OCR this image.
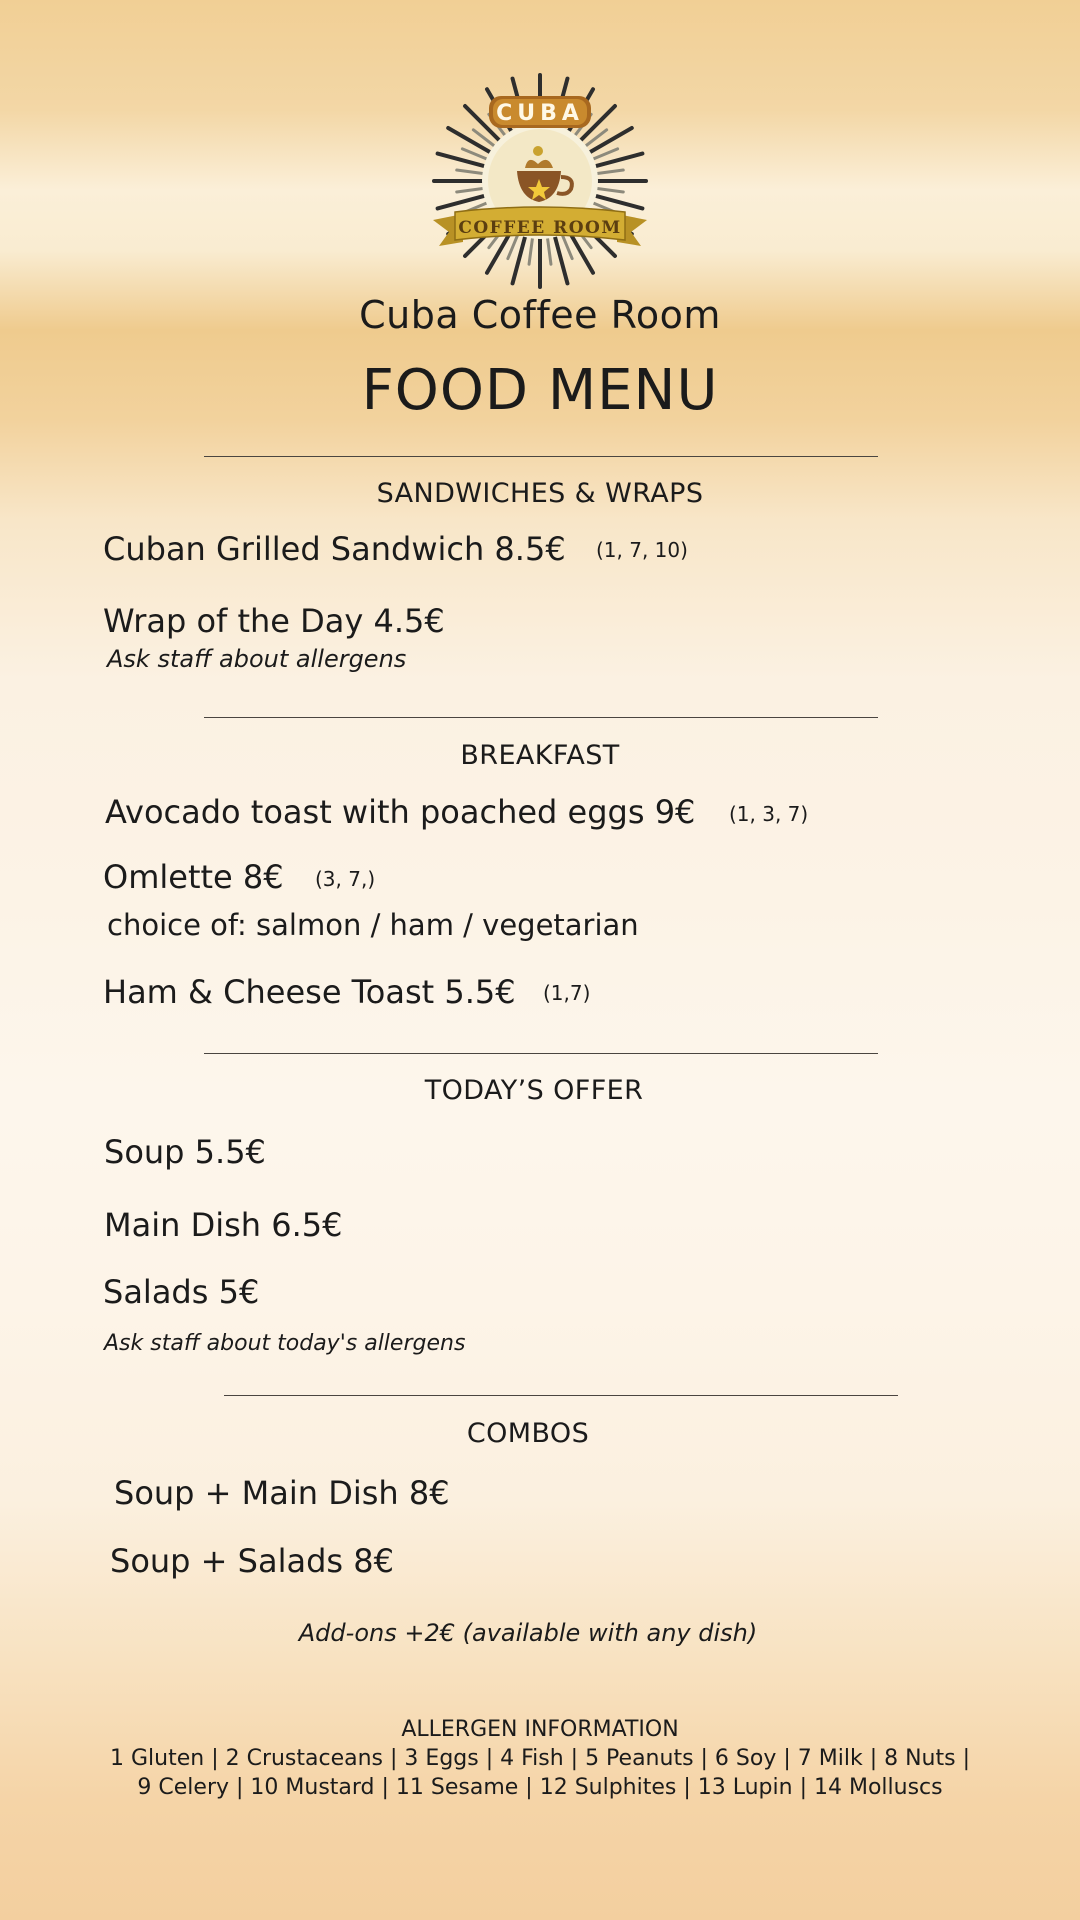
CUBA
COFFEE ROOM
Cuba Coffee Room
FOOD MENU
SANDWICHES & WRAPS
Cuban Grilled Sandwich 8.5€ (1, 7, 10)
Wrap of the Day 4.5€
Ask staff about allergens
BREAKFAST
Avocado toast with poached eggs 9€ (1, 3, 7)
Omlette 8€ (3, 7,)
choice of: salmon / ham / vegetarian
Ham & Cheese Toast 5.5€ (1,7)
TODAY’S OFFER
Soup 5.5€
Main Dish 6.5€
Salads 5€
Ask staff about today's allergens
COMBOS
Soup + Main Dish 8€
Soup + Salads 8€
Add-ons +2€ (available with any dish)
ALLERGEN INFORMATION
1 Gluten | 2 Crustaceans | 3 Eggs | 4 Fish | 5 Peanuts | 6 Soy | 7 Milk | 8 Nuts |
9 Celery | 10 Mustard | 11 Sesame | 12 Sulphites | 13 Lupin | 14 Molluscs
